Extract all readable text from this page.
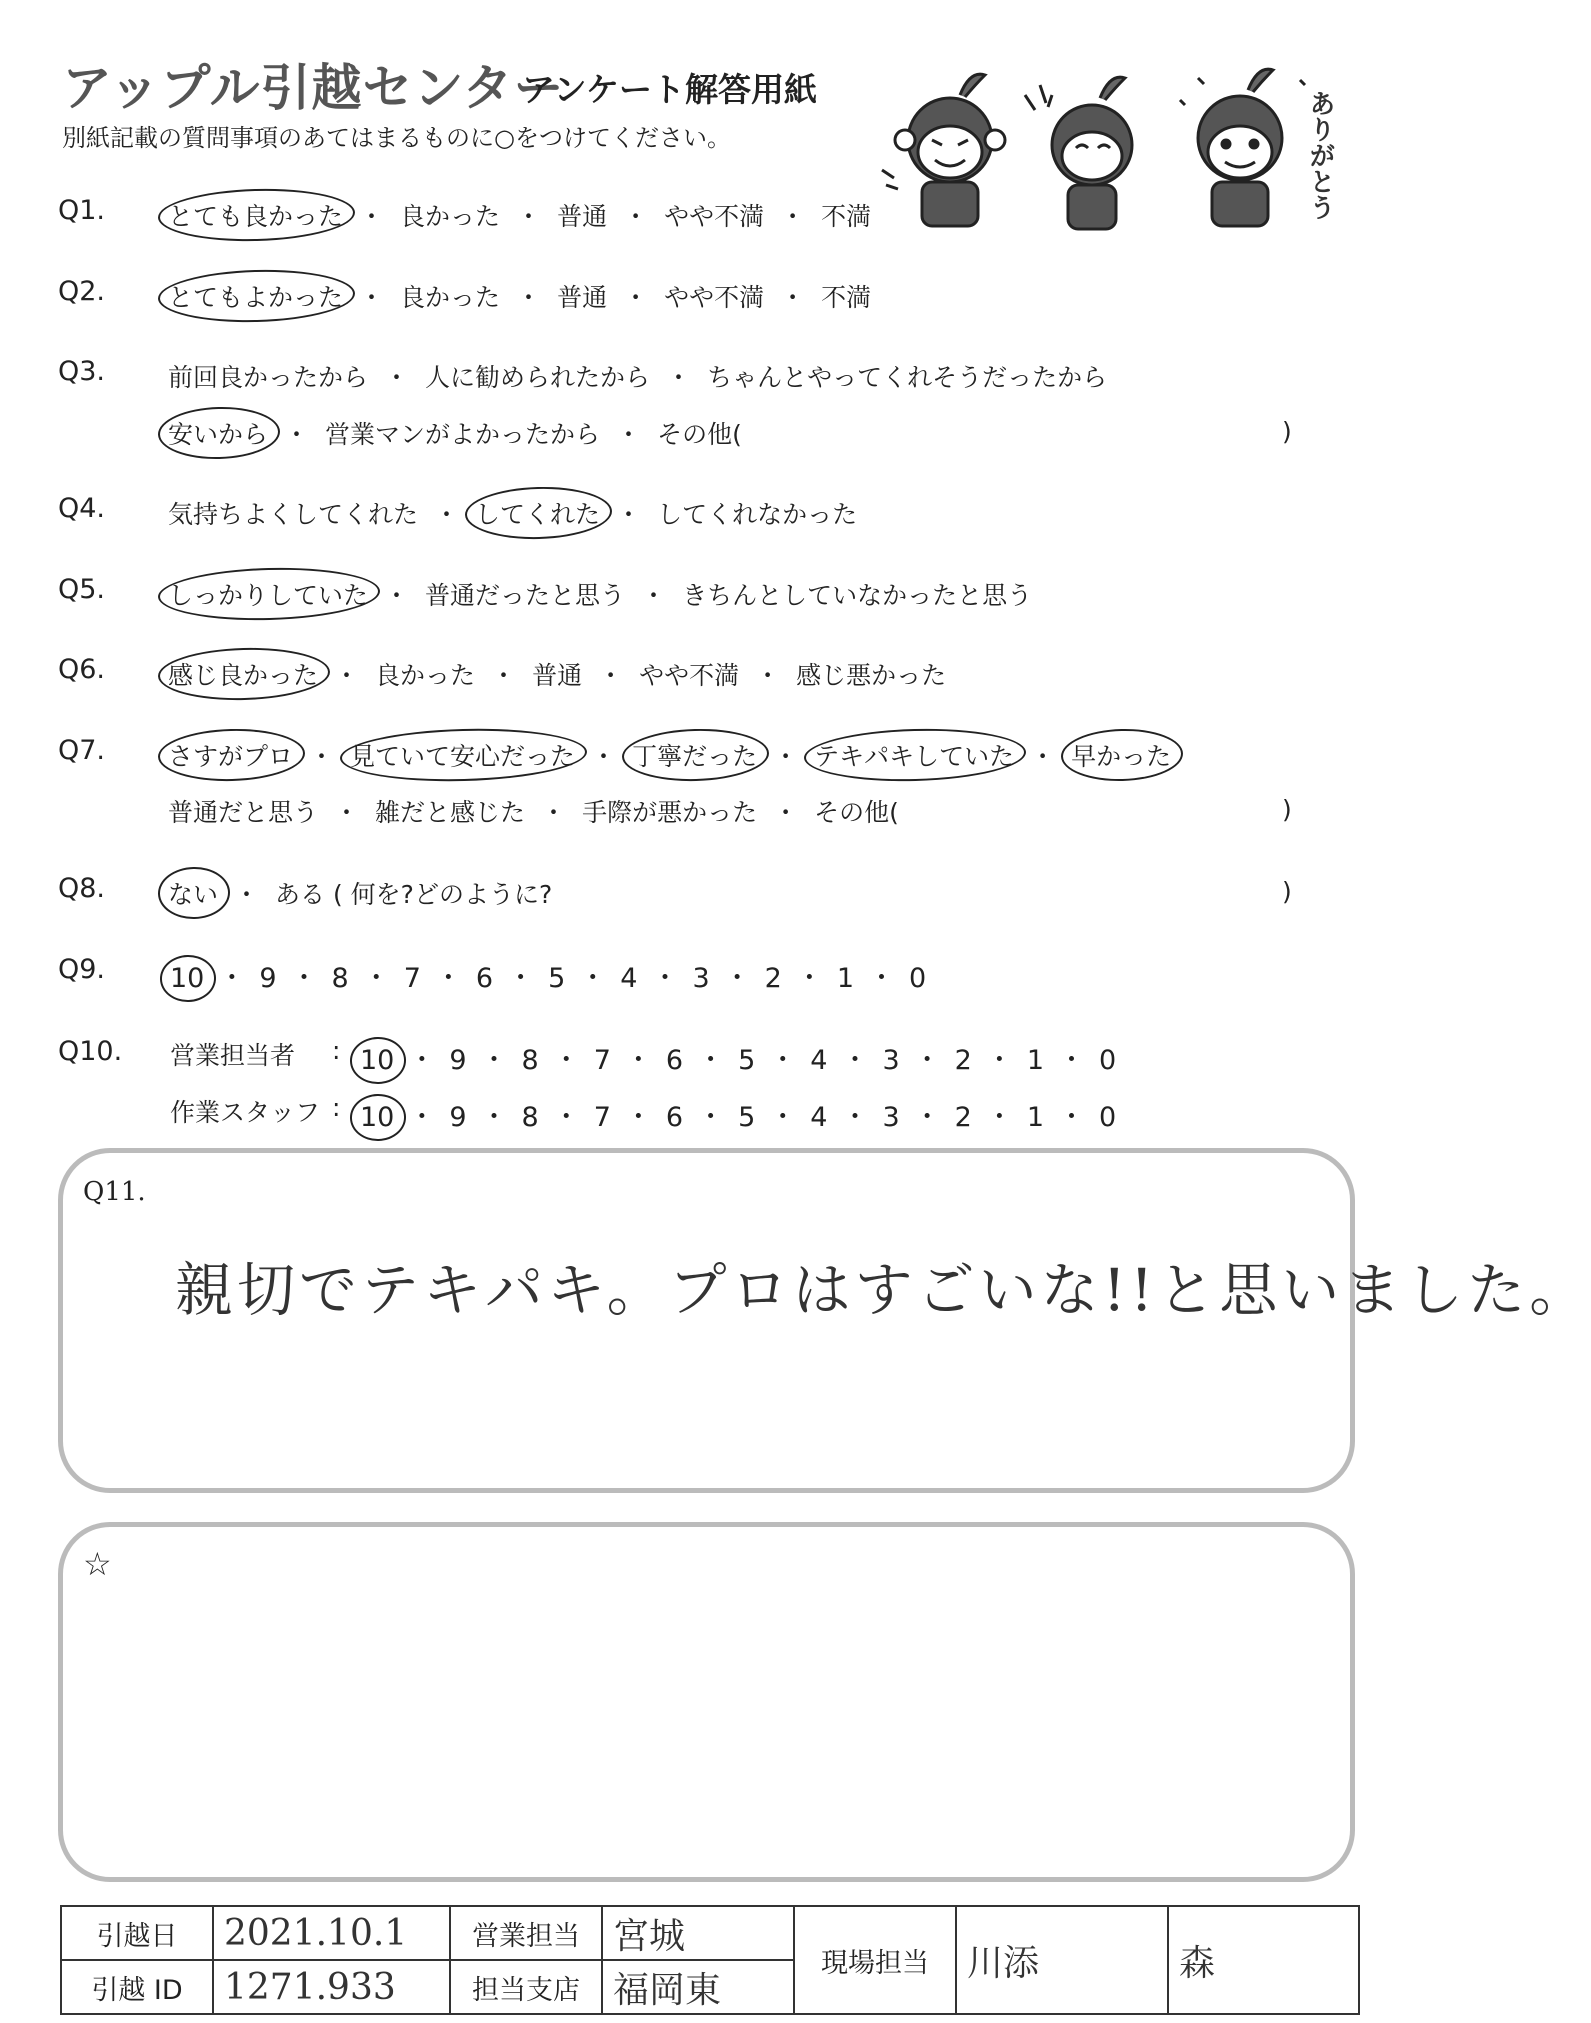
アップル引越センター
アンケート解答用紙
別紙記載の質問事項のあてはまるものに○をつけてください。	ありがとう
Q1.	とても良かった ・ 良かった ・ 普通 ・ やや不満 ・ 不満
Q2.	とてもよかった ・ 良かった ・ 普通 ・ やや不満 ・ 不満
Q3.	前回良かったから ・ 人に勧められたから ・ ちゃんとやってくれそうだったから
安いから ・ 営業マンがよかったから ・ その他(	)
Q4.	気持ちよくしてくれた ・ してくれた ・ してくれなかった
Q5.	しっかりしていた ・ 普通だったと思う ・ きちんとしていなかったと思う
Q6.	感じ良かった ・ 良かった ・ 普通 ・ やや不満 ・ 感じ悪かった
Q7.	さすがプロ ・ 見ていて安心だった ・ 丁寧だった ・ テキパキしていた ・ 早かった
普通だと思う ・ 雑だと感じた ・ 手際が悪かった ・ その他(	)
Q8.	ない ・ ある ( 何を?どのように?	)
Q9. 10 ・ 9 ・ 8 ・ 7 ・ 6 ・ 5 ・ 4 ・ 3 ・ 2 ・ 1 ・ 0
Q10. 営業担当者 : 10 ・ 9 ・ 8 ・ 7 ・ 6 ・ 5 ・ 4 ・ 3 ・ 2 ・ 1 ・ 0
作業スタッフ : 10 ・ 9 ・ 8 ・ 7 ・ 6 ・ 5 ・ 4 ・ 3 ・ 2 ・ 1 ・ 0
Q11.
親切でテキパキ。プロはすごいな!!と思いました。
☆
引越日	2021.10.1	営業担当	宮城	現場担当	川添	森
引越 ID	1271.933	担当支店	福岡東			
